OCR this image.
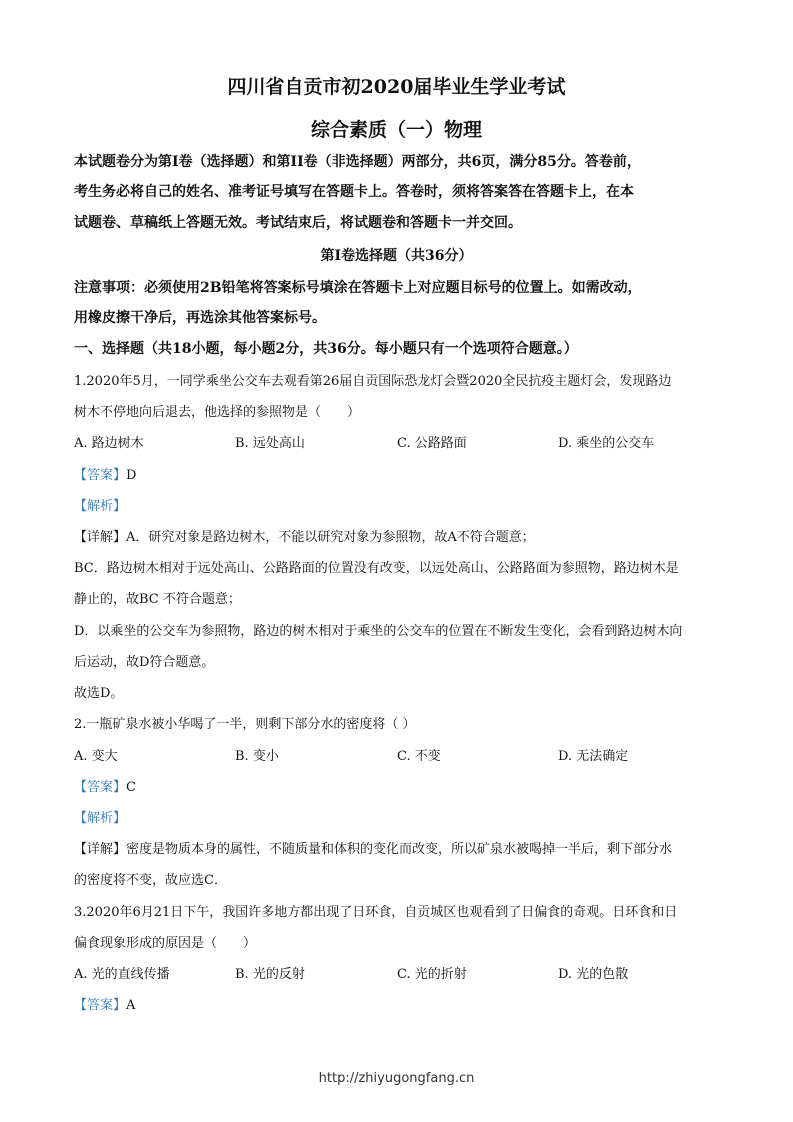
四川省自贡市初2020届毕业生学业考试
综合素质（一）物理
本试题卷分为第I卷（选择题）和第II卷（非选择题）两部分，共6页，满分85分。答卷前，
考生务必将自己的姓名、准考证号填写在答题卡上。答卷时，须将答案答在答题卡上，在本
试题卷、草稿纸上答题无效。考试结束后，将试题卷和答题卡一并交回。
第I卷选择题（共36分）
注意事项：必须使用2B铅笔将答案标号填涂在答题卡上对应题目标号的位置上。如需改动，
用橡皮擦干净后，再选涂其他答案标号。
一、选择题（共18小题，每小题2分，共36分。每小题只有一个选项符合题意。）
1.2020年5月，一同学乘坐公交车去观看第26届自贡国际恐龙灯会暨2020全民抗疫主题灯会，发现路边
树木不停地向后退去，他选择的参照物是（　　）
A. 路边树木	B. 远处高山	C. 公路路面	D. 乘坐的公交车
【答案】D
【解析】
【详解】A．研究对象是路边树木，不能以研究对象为参照物，故A不符合题意；
BC．路边树木相对于远处高山、公路路面的位置没有改变，以远处高山、公路路面为参照物，路边树木是
静止的，故BC 不符合题意；
D．以乘坐的公交车为参照物，路边的树木相对于乘坐的公交车的位置在不断发生变化，会看到路边树木向
后运动，故D符合题意。
故选D。
2.一瓶矿泉水被小华喝了一半，则剩下部分水的密度将（ ）
A. 变大	B. 变小	C. 不变	D. 无法确定
【答案】C
【解析】
【详解】密度是物质本身的属性，不随质量和体积的变化而改变，所以矿泉水被喝掉一半后，剩下部分水
的密度将不变，故应选C．
3.2020年6月21日下午，我国许多地方都出现了日环食，自贡城区也观看到了日偏食的奇观。日环食和日
偏食现象形成的原因是（　　）
A. 光的直线传播	B. 光的反射	C. 光的折射	D. 光的色散
【答案】A
http://zhiyugongfang.cn
